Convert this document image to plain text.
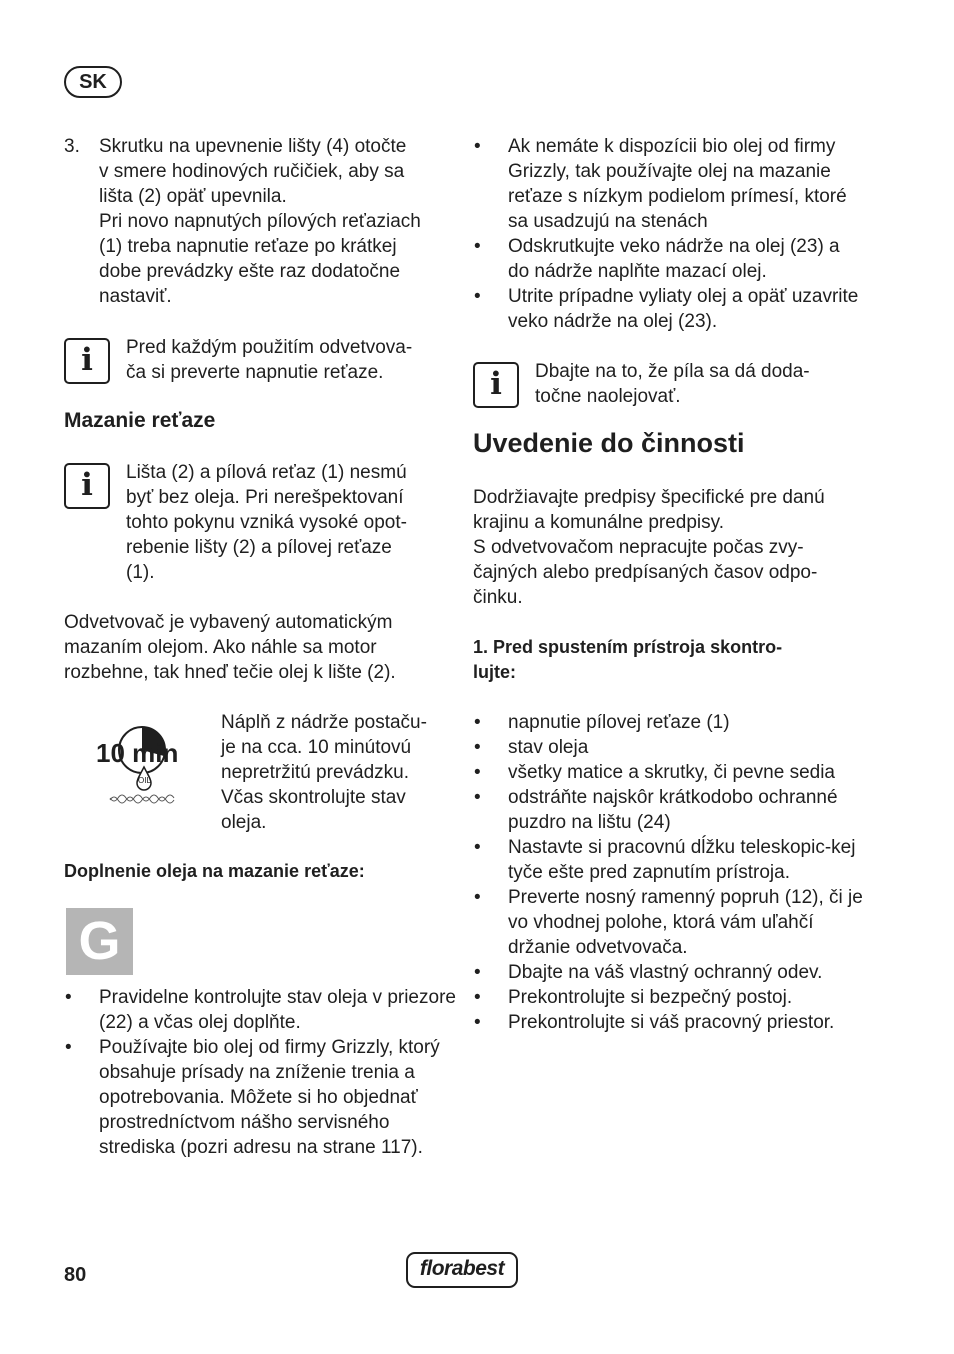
SK
3.	Skrutku na upevnenie lišty (4) otočte

v smere hodinových ručičiek, aby sa

lišta (2) opäť upevnila.

Pri novo napnutých pílových reťaziach

(1) treba napnutie reťaze po krátkej

dobe prevádzky ešte raz dodatočne

nastaviť.

i	Pred každým použitím odvetvova-

ča si preverte napnutie reťaze.

Mazanie reťaze

i	Lišta (2) a pílová reťaz (1) nesmú

byť bez oleja. Pri nerešpektovaní

tohto pokynu vzniká vysoké opot-

rebenie lišty (2) a pílovej reťaze

(1).

Odvetvovač je vybavený automatickým

mazaním olejom. Ako náhle sa motor

rozbehne, tak hneď tečie olej k lište (2).

10 min
OIL

Náplň z nádrže postaču-

je na cca. 10 minútovú

nepretržitú prevádzku.

Včas skontrolujte stav

oleja.

Doplnenie oleja na mazanie reťaze:

G
• Pravidelne kontrolujte stav oleja v priezore (22) a včas olej doplňte.
• Používajte bio olej od firmy Grizzly, ktorý obsahuje prísady na zníženie trenia a opotrebovania. Môžete si ho objednať prostredníctvom nášho servisného strediska (pozri adresu na strane 117).
• Ak nemáte k dispozícii bio olej od firmy Grizzly, tak používajte olej na mazanie reťaze s nízkym podielom prímesí, ktoré sa usadzujú na stenách
• Odskrutkujte veko nádrže na olej (23) a do nádrže naplňte mazací olej.
• Utrite prípadne vyliaty olej a opäť uzavrite veko nádrže na olej (23).
i	Dbajte na to, že píla sa dá doda-

točne naolejovať.

Uvedenie do činnosti

Dodržiavajte predpisy špecifické pre danú

krajinu a komunálne predpisy.

S odvetvovačom nepracujte počas zvy-

čajných alebo predpísaných časov odpo-

činku.

1. Pred spustením prístroja skontro-

lujte:

• napnutie pílovej reťaze (1)
• stav oleja
• všetky matice a skrutky, či pevne sedia
• odstráňte najskôr krátkodobo ochranné puzdro na lištu (24)
• Nastavte si pracovnú dĺžku teleskopic-kej tyče ešte pred zapnutím prístroja.
• Preverte nosný ramenný popruh (12), či je vo vhodnej polohe, ktorá vám uľahčí držanie odvetvovača.
• Dbajte na váš vlastný ochranný odev.
• Prekontrolujte si bezpečný postoj.
• Prekontrolujte si váš pracovný priestor.
80	florabest
